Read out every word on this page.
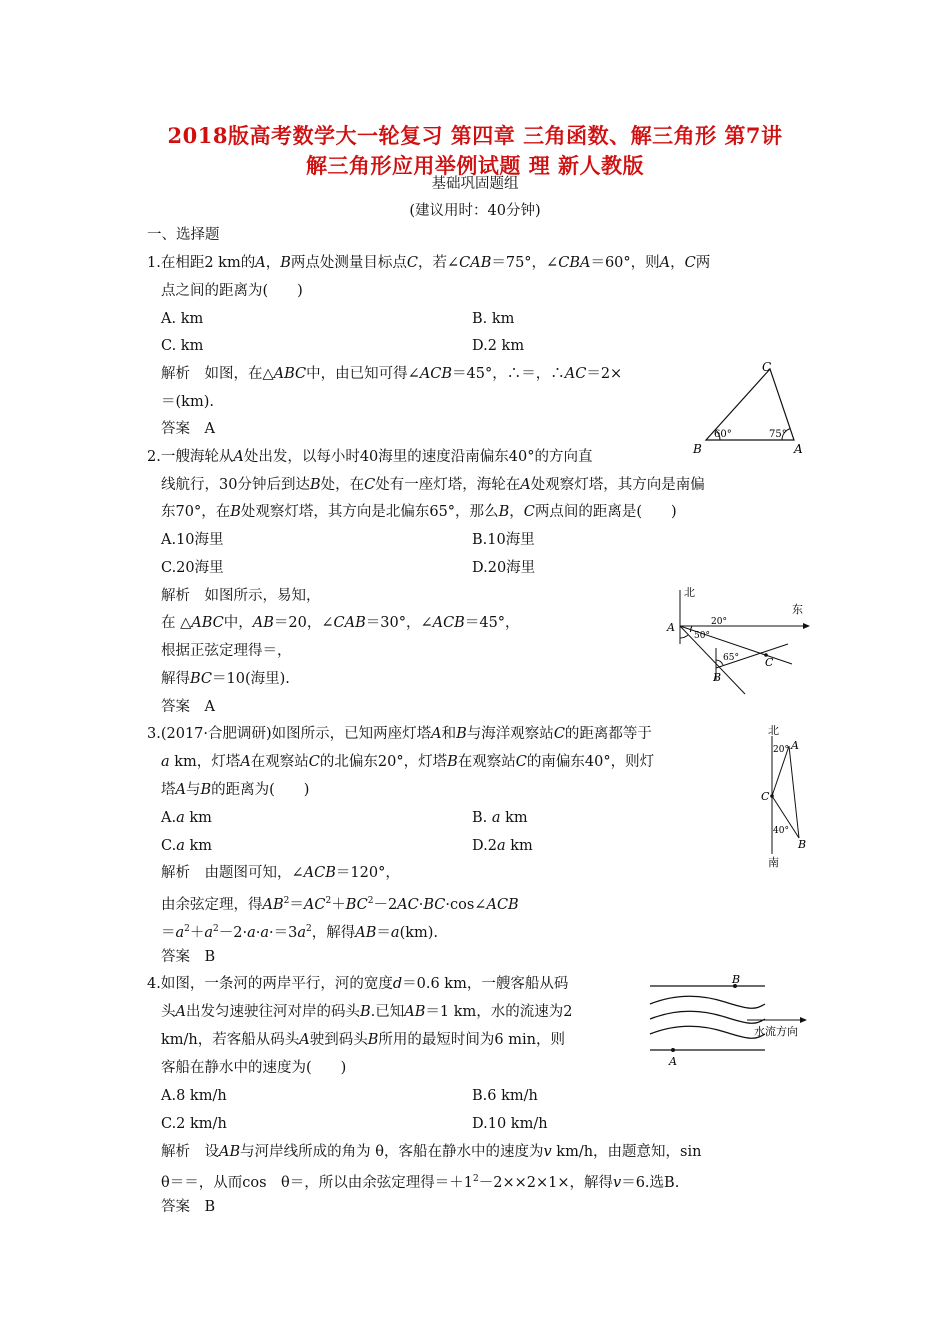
2018版高考数学大一轮复习 第四章 三角函数、解三角形 第7讲
解三角形应用举例试题 理 新人教版
基础巩固题组
(建议用时：40分钟)
一、选择题
1.在相距2 km的A，B两点处测量目标点C，若∠CAB＝75°，∠CBA＝60°，则A，C两
点之间的距离为(　　)
A. km	B. km
C. km	D.2 km
解析　如图，在△ABC中，由已知可得∠ACB＝45°，∴＝，∴AC＝2×
＝(km).
答案　A
C
A
B
60°	75°
2.一艘海轮从A处出发，以每小时40海里的速度沿南偏东40°的方向直
线航行，30分钟后到达B处，在C处有一座灯塔，海轮在A处观察灯塔，其方向是南偏
东70°，在B处观察灯塔，其方向是北偏东65°，那么B，C两点间的距离是(　　)
A.10海里	B.10海里
C.20海里	D.20海里
解析　如图所示，易知，
在 △ABC中，AB＝20，∠CAB＝30°，∠ACB＝45°，
根据正弦定理得＝，
解得BC＝10(海里).
答案　A
北
东
A
B
C
20°
50°
65°
3.(2017·合肥调研)如图所示，已知两座灯塔A和B与海洋观察站C的距离都等于
a km，灯塔A在观察站C的北偏东20°，灯塔B在观察站C的南偏东40°，则灯
塔A与B的距离为(　　)
A.a km	B. a km
C.a km	D.2a km
解析　由题图可知，∠ACB＝120°，
由余弦定理，得$AB^2=AC^2+BC^2-2AC\cdot BC\cdot\cos\angle ACB$
$=a^2+a^2-2\cdot a\cdot a\cdot=3a^2$，解得AB＝a(km).
答案　B
北
南
A
B
C
20°
40°
4.如图，一条河的两岸平行，河的宽度d＝0.6 km，一艘客船从码
头A出发匀速驶往河对岸的码头B.已知AB＝1 km，水的流速为2
km/h，若客船从码头A驶到码头B所用的最短时间为6 min，则
客船在静水中的速度为(　　)
A.8 km/h	B.6 km/h
C.2 km/h	D.10 km/h
解析　设AB与河岸线所成的角为 θ，客船在静水中的速度为v km/h，由题意知，sin
θ＝＝，从而cos　θ＝，所以由余弦定理得$=+1^2-2\times\times 2\times 1\times$，解得v＝6.选B.
答案　B
B
A
水流方向
